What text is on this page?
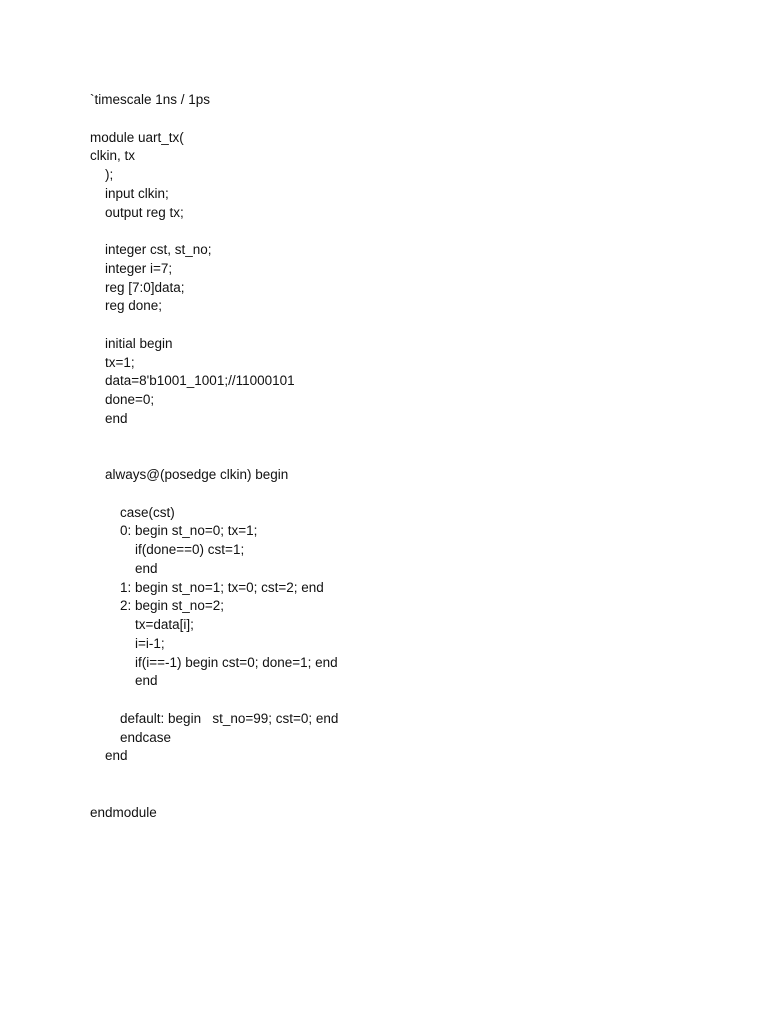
`timescale 1ns / 1ps
module uart_tx(
clkin, tx
);
input clkin;
output reg tx;
integer cst, st_no;
integer i=7;
reg [7:0]data;
reg done;
initial begin
tx=1;
data=8'b1001_1001;//11000101
done=0;
end
always@(posedge clkin) begin
case(cst)
0: begin st_no=0; tx=1;
if(done==0) cst=1;
end
1: begin st_no=1; tx=0; cst=2; end
2: begin st_no=2;
tx=data[i];
i=i-1;
if(i==-1) begin cst=0; done=1; end
end
default: begin   st_no=99; cst=0; end
endcase
end
endmodule
